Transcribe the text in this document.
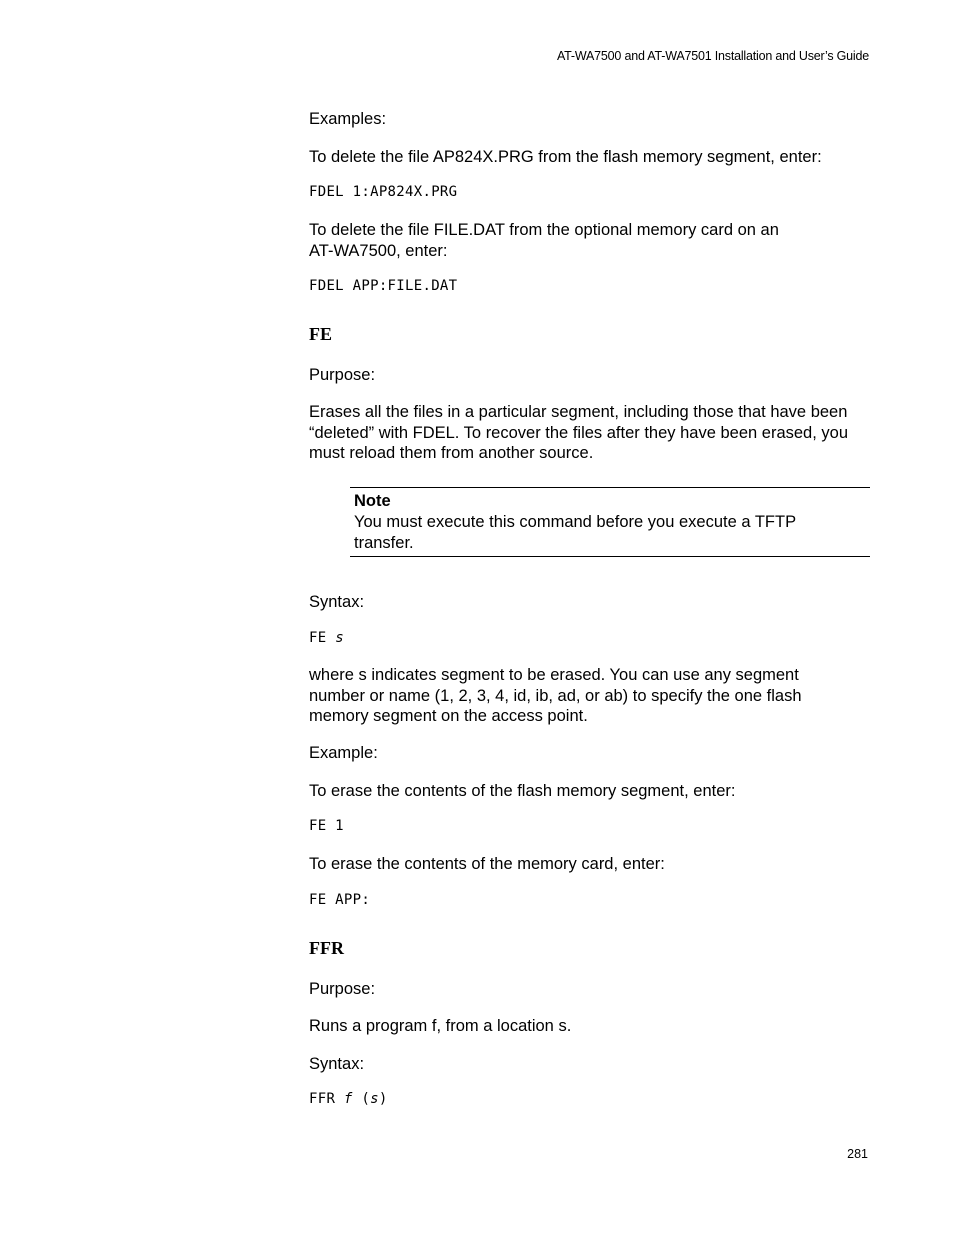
AT-WA7500 and AT-WA7501 Installation and User’s Guide
Examples:
To delete the file AP824X.PRG from the flash memory segment, enter:
FDEL 1:AP824X.PRG
To delete the file FILE.DAT from the optional memory card on an
AT-WA7500, enter:
FDEL APP:FILE.DAT
FE
Purpose:
Erases all the files in a particular segment, including those that have been
“deleted” with FDEL. To recover the files after they have been erased, you
must reload them from another source.
Note
You must execute this command before you execute a TFTP
transfer.
Syntax:
FE s
where s indicates segment to be erased. You can use any segment
number or name (1, 2, 3, 4, id, ib, ad, or ab) to specify the one flash
memory segment on the access point.
Example:
To erase the contents of the flash memory segment, enter:
FE 1
To erase the contents of the memory card, enter:
FE APP:
FFR
Purpose:
Runs a program f, from a location s.
Syntax:
FFR f (s)
281
